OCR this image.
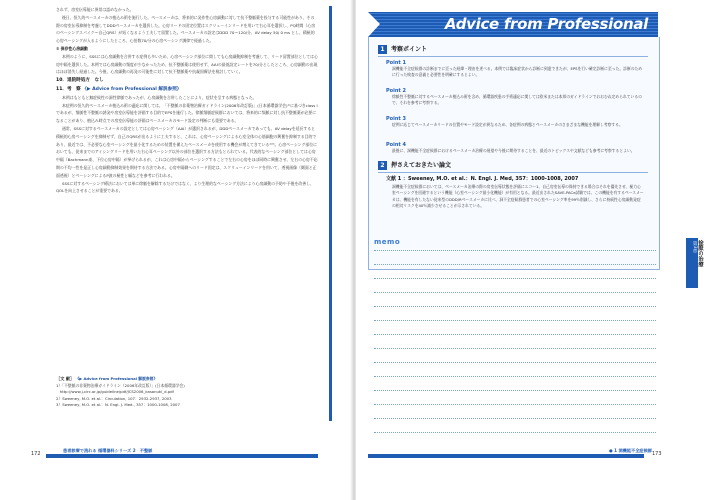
されず、房室伝導能に異常は認めなかった。

後日、恒久的ペースメーカの植込み術を施行した。ペースメーカは、将来的に発作性心房細動に対して抗不整脈薬を投与する可能性があり、その際の房室伝導抑制を考慮してDDDペースメーカを選択した。心房リードの固定位置はスクリューインリードを用いて右心耳を選択し、PQ時間（心房のペーシングスパイク〜自己QRS）が短くなるよう工夫して留置した。ペースメーカの設定はDDD 70〜120/分、AV delay 50/ 0 ms とし、積極的心房ペーシングが入るようにしたところ、心拍数70/分の心房ペーシング調律で経過した。

② 保存性心房細動

本例のように、SSSには心房細動を合併する症例も多いため、心房ペーシング部位に関しても心房細動抑制を考慮して、リード留置部位としては心房中隔を選択した。本例では心房細動の頻度が少なかったため、抗不整脈薬は使用せず、AAIの最低設定レートを70/分としたところ、心房細動の出現はほぼ消失し経過した。今後、心房細動の再発の可能性に対して抗不整脈薬や抗凝固療法を検討していく。

10．退院時処方　なし
11．考　察 《▶ Advice from Professional 解説参照》

本例はもともと無症候性の洞性徐脈であったが、心房細動を合併したことにより、症状を呈する病態となった。

本症例の恒久的ペースメーカ植込み術の適応に関しては、「不整脈の非薬物治療ガイドライン(2006年改訂版)」(日本循環器学会)¹⁾に基づきclass Iであるが、頻脈性不整脈の誘発や房室伝導能を評価する目的でEPSを施行した。徐脈頻脈症候群においては、将来的に頻脈に対し抗不整脈薬が必要になることがあり、植込み時点での房室伝導能の評価はペースメーカのモード設定の判断にも重要である。

通常、SSSに対するペースメーカの設定としては心房ペーシング（AAI）が選択されるが、DDDペースメーカであっても、AV delayを延長すると積極的心房ペーシングを抑制せず、自己のQRSが出るように工夫すると、これは、心房ペーシングによる心室全体の心筋細胞の興奮を抑制する目的であり、最近では、不必要な心室ペーシングを最小化するための装置を備えたペースメーカを使用する機会が増えてきている²⁾³⁾。心房ペーシング部位においても、従来までのアイシングリードを用いた右心耳ペーシング以外の部位を選択する方法もとられている。代表的なペーシング部位としては心房中隔（Bachmann束、下位心房中隔）が挙げられるが、これは心房中隔からペーシングすることで左右の心房をほぼ同時に興奮させ、左右の心房不応期の不均一性を是正し心房細動抑制効果を期待する方法である。心房中隔側へのリード固定は、スクリューインリードを用いて、透視画像（側面と正面透視）とペーシングによるP波の極性と幅などを参考に行われる。

SSSに対するペーシング療法においては単に徐脈を解除するだけではなく、より生理的なペーシング方法により心房細動の予防や予後を改善し、QOLを向上させることが重要である。

［文 献］ 《▶ Advice from Professional 解説参照》
1）「不整脈の非薬物治療ガイドライン（2006年改訂版）」(日本循環器学会)
　http://www.j-circ.or.jp/guideline/pdf/JCS2006_kasanuki_d.pdf
2）Sweeney, M.O. et al.：Circulation, 107：2932-2937, 2003
3）Sweeney, M.O. et al.：N. Engl. J. Med., 357：1000-1008, 2007
172
患者診療で流れる 循環器科シリーズ 2　不整脈
Advice from Professional
1 考察ポイント
Point 1
洞機能不全症候群の診断までに至った経緯・理由を述べる。本例では臨床症状から診断に到達できたが、EPSを行い確定診断に至った。診断のために行った検査の意義と必要性を明確にするとよい。
Point 2
徐脈性不整脈に対するペースメーカ植込み術を含め、循環器疾患の手術適応に関しては欧米または本邦のガイドラインでおおむね定められているので、それを参考に考察する。
Point 3
症例に応じてペースメーカリードの位置やモード設定が異なるため、各症例の病態とペースメーカのさまざまな機能を理解し考察する。
Point 4
最後に、洞機能不全症候群におけるペースメーカ治療の展望や今後に期待することを、最近のトピックスや文献なども参考に考察するとよい。
2 押さえておきたい論文
文献 1 ：Sweeney, M.O. et al.：N. Engl. J. Med, 357：1000-1008, 2007
洞機能不全症候群においては、ペースメーカ治療の際の房室伝導状態を評価にエコー1、自己房室伝導の保持できる場合はそれを優先させ、極力心室ペーシングを回避するという機能（心室ペーシング最小化機能）が有用となる。最近出されたSAVE-PACe試験では、この機能を有するペースメーカは、機能を有したない従来型のDDD/Rペースメーカに比べ、洞不全症候群患者での心室ペーシング率を99％削減し、さらに持続性心房細動発症の相対リスクを40％減少させることが示されている。
memo	第3章 徐脈の治療
● 1 洞機能不全症候群
173
